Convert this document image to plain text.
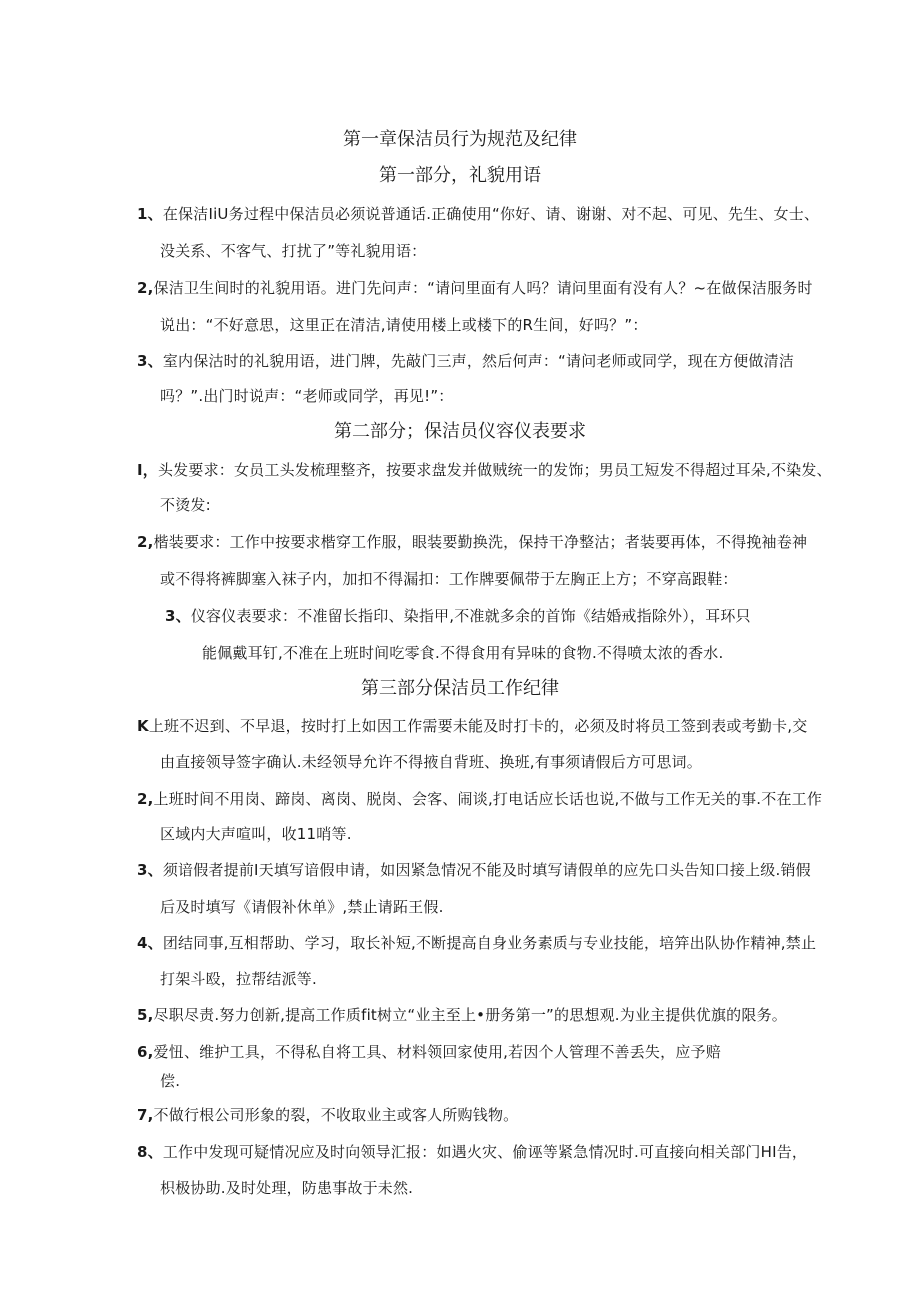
第一章保洁员行为规范及纪律
第一部分，礼貌用语
1、在保洁IiU务过程中保洁员必须说普通话.正确使用“你好、请、谢谢、对不起、可见、先生、女士、
没关系、不客气、打扰了”等礼貌用语：
2,保洁卫生间时的礼貌用语。进门先问声：“请问里面有人吗？请问里面有没有人？~在做保洁服务时
说出：“不好意思，这里正在清洁,请使用楼上或楼下的R生间，好吗？”：
3、室内保沽时的礼貌用语，进门牌，先敲门三声，然后何声：“请问老师或同学，现在方便做清洁
吗？”.出门时说声：“老师或同学，再见!”：
第二部分；保洁员仪容仪表要求
I，头发要求：女员工头发梳理整齐，按要求盘发并做贼统一的发饰；男员工短发不得超过耳朵,不染发、
不烫发:
2,楷装要求：工作中按要求楷穿工作服，眼装要勤换洗，保持干净整沽；者装要再体，不得挽袖卷神
或不得将裤脚塞入袜子内，加扣不得漏扣：工作牌要佩带于左胸正上方；不穿高跟鞋：
3、仪容仪表要求：不准留长指印、染指甲,不准就多余的首饰《结婚戒指除外），耳环只
能佩戴耳钉,不准在上班时间吃零食.不得食用有异味的食物.不得喷太浓的香水.
第三部分保洁员工作纪律
K上班不迟到、不早退，按时打上如因工作需要未能及时打卡的，必须及时将员工签到表或考勤卡,交
由直接领导签字确认.未经领导允许不得掖自背班、换班,有事须请假后方可思词。
2,上班时间不用岗、蹄岗、离岗、脱岗、会客、闹谈,打电话应长话也说,不做与工作无关的事.不在工作
区域内大声喧叫，收11哨等.
3、须谙假者提前I天填写谙假申请，如因紧急情况不能及时填写请假单的应先口头告知口接上级.销假
后及时填写《请假补休单》,禁止请跖王假.
4、团结同事,互相帮助、学习，取长补短,不断提高自身业务素质与专业技能，培笄出队协作精神,禁止
打架斗殴，拉帮结派等.
5,尽职尽责.努力创新,提高工作质fit树立“业主至上•册务第一”的思想观.为业主提供优旗的限务。
6,爱忸、维护工具，不得私自将工具、材料领回家使用,若因个人管理不善丢失，应予赔
偿.
7,不做行根公司形象的裂，不收取业主或客人所购钱物。
8、工作中发现可疑情况应及时向领导汇报：如遇火灾、偷诬等紧急情况时.可直接向相关部门HI告，
枳极协助.及时处理，防患事故于未然.
